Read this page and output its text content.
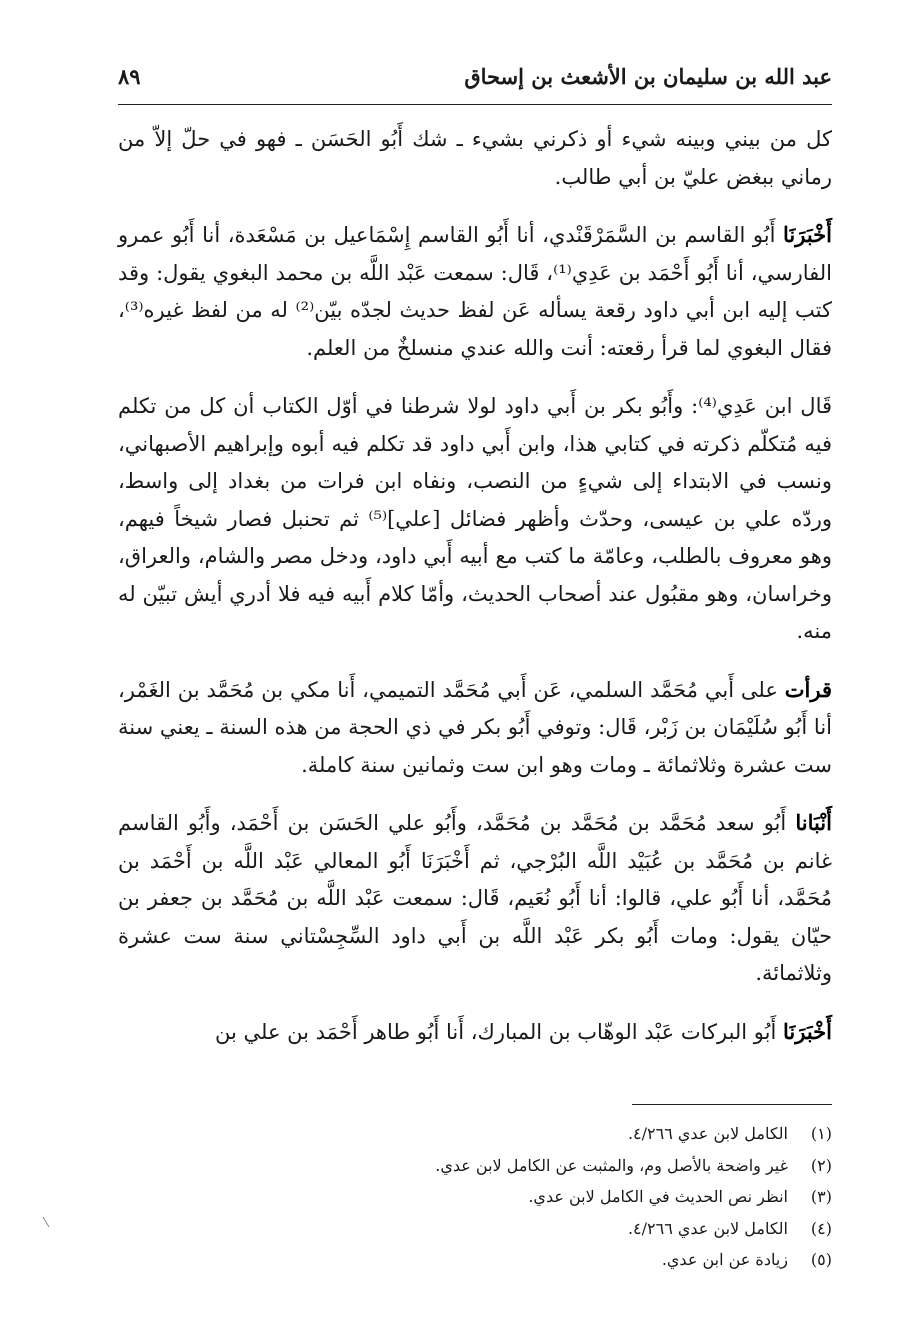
عبد الله بن سليمان بن الأشعث بن إسحاق
٨٩

كل من بيني وبينه شيء أو ذكرني بشيء ـ شك أَبُو الحَسَن ـ فهو في حلّ إلاّ من رماني ببغض عليّ بن أبي طالب.

أَخْبَرَنَا أَبُو القاسم بن السَّمَرْقَنْدي، أنا أَبُو القاسم إِسْمَاعيل بن مَسْعَدة، أنا أَبُو عمرو الفارسي، أنا أَبُو أَحْمَد بن عَدِي⁽¹⁾، قَال: سمعت عَبْد اللَّه بن محمد البغوي يقول: وقد كتب إليه ابن أبي داود رقعة يسأله عَن لفظ حديث لجدّه بيّن⁽²⁾ له من لفظ غيره⁽³⁾، فقال البغوي لما قرأ رقعته: أنت والله عندي منسلخٌ من العلم.

قَال ابن عَدِي⁽⁴⁾: وأَبُو بكر بن أَبي داود لولا شرطنا في أوّل الكتاب أن كل من تكلم فيه مُتكلّم ذكرته في كتابي هذا، وابن أَبي داود قد تكلم فيه أبوه وإبراهيم الأصبهاني، ونسب في الابتداء إلى شيءٍ من النصب، ونفاه ابن فرات من بغداد إلى واسط، وردّه علي بن عيسى، وحدّث وأظهر فضائل [علي]⁽⁵⁾ ثم تحنبل فصار شيخاً فيهم، وهو معروف بالطلب، وعامّة ما كتب مع أبيه أَبي داود، ودخل مصر والشام، والعراق، وخراسان، وهو مقبُول عند أصحاب الحديث، وأمّا كلام أَبيه فيه فلا أدري أيش تبيّن له منه.

قرأت على أَبي مُحَمَّد السلمي، عَن أَبي مُحَمَّد التميمي، أَنا مكي بن مُحَمَّد بن الغَمْر، أنا أَبُو سُلَيْمَان بن زَبْر، قَال: وتوفي أَبُو بكر في ذي الحجة من هذه السنة ـ يعني سنة ست عشرة وثلاثمائة ـ ومات وهو ابن ست وثمانين سنة كاملة.

أَنْبَانا أَبُو سعد مُحَمَّد بن مُحَمَّد بن مُحَمَّد، وأَبُو علي الحَسَن بن أَحْمَد، وأَبُو القاسم غانم بن مُحَمَّد بن عُبَيْد اللَّه البُرْجي، ثم أَخْبَرَنَا أَبُو المعالي عَبْد اللَّه بن أَحْمَد بن مُحَمَّد، أنا أَبُو علي، قالوا: أنا أَبُو نُعَيم، قَال: سمعت عَبْد اللَّه بن مُحَمَّد بن جعفر بن حيّان يقول: ومات أَبُو بكر عَبْد اللَّه بن أَبي داود السِّجِسْتاني سنة ست عشرة وثلاثمائة.

أَخْبَرَنَا أَبُو البركات عَبْد الوهّاب بن المبارك، أَنا أَبُو طاهر أَحْمَد بن علي بن

(١)
الكامل لابن عدي ٤/٢٦٦.
(٢)
غير واضحة بالأصل وم، والمثبت عن الكامل لابن عدي.
(٣)
انظر نص الحديث في الكامل لابن عدي.
(٤)
الكامل لابن عدي ٤/٢٦٦.
(٥)
زيادة عن ابن عدي.
